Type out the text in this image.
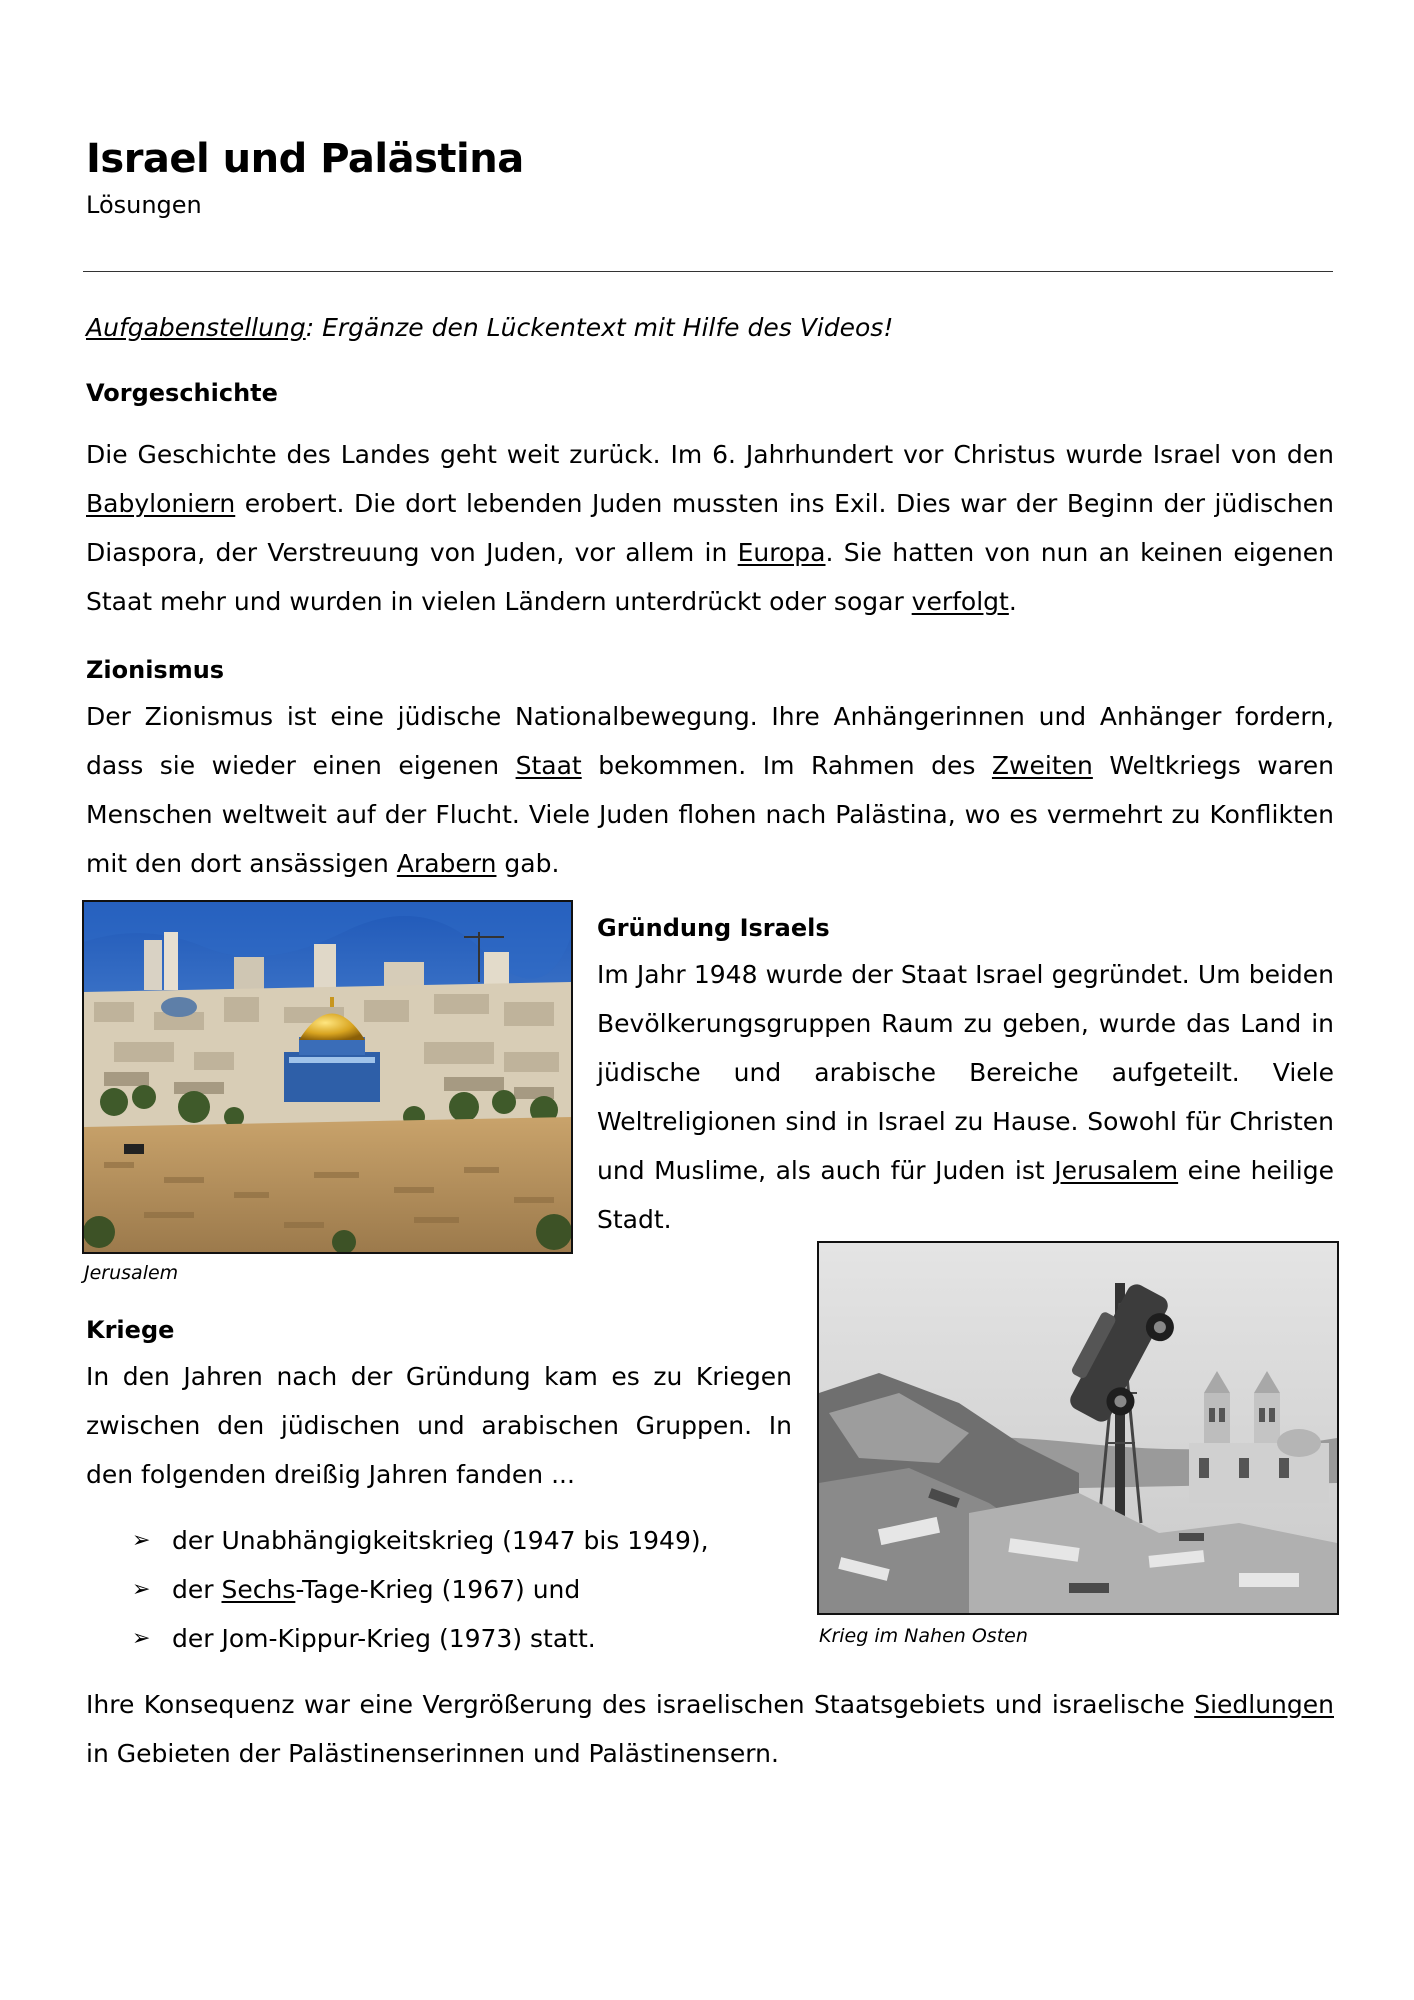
Israel und Palästina
Lösungen
Aufgabenstellung: Ergänze den Lückentext mit Hilfe des Videos!
Vorgeschichte
Die Geschichte des Landes geht weit zurück. Im 6. Jahrhundert vor Christus wurde Israel von den Babyloniern erobert. Die dort lebenden Juden mussten ins Exil. Dies war der Beginn der jüdischen Diaspora, der Verstreuung von Juden, vor allem in Europa. Sie hatten von nun an keinen eigenen Staat mehr und wurden in vielen Ländern unterdrückt oder sogar verfolgt.
Zionismus
Der Zionismus ist eine jüdische Nationalbewegung. Ihre Anhängerinnen und Anhänger fordern, dass sie wieder einen eigenen Staat bekommen. Im Rahmen des Zweiten Weltkriegs waren Menschen weltweit auf der Flucht. Viele Juden flohen nach Palästina, wo es vermehrt zu Konflikten mit den dort ansässigen Arabern gab.
Jerusalem
Gründung Israels
Im Jahr 1948 wurde der Staat Israel gegründet. Um beiden Bevölkerungsgruppen Raum zu geben, wurde das Land in jüdische und arabische Bereiche aufgeteilt. Viele Weltreligionen sind in Israel zu Hause. Sowohl für Christen und Muslime, als auch für Juden ist Jerusalem eine heilige Stadt.
Krieg im Nahen Osten
Kriege
In den Jahren nach der Gründung kam es zu Kriegen zwischen den jüdischen und arabischen Gruppen. In den folgenden dreißig Jahren fanden ...
➢ der Unabhängigkeitskrieg (1947 bis 1949),
➢ der Sechs-Tage-Krieg (1967) und
➢ der Jom-Kippur-Krieg (1973) statt.
Ihre Konsequenz war eine Vergrößerung des israelischen Staatsgebiets und israelische Siedlungen in Gebieten der Palästinenserinnen und Palästinensern.
